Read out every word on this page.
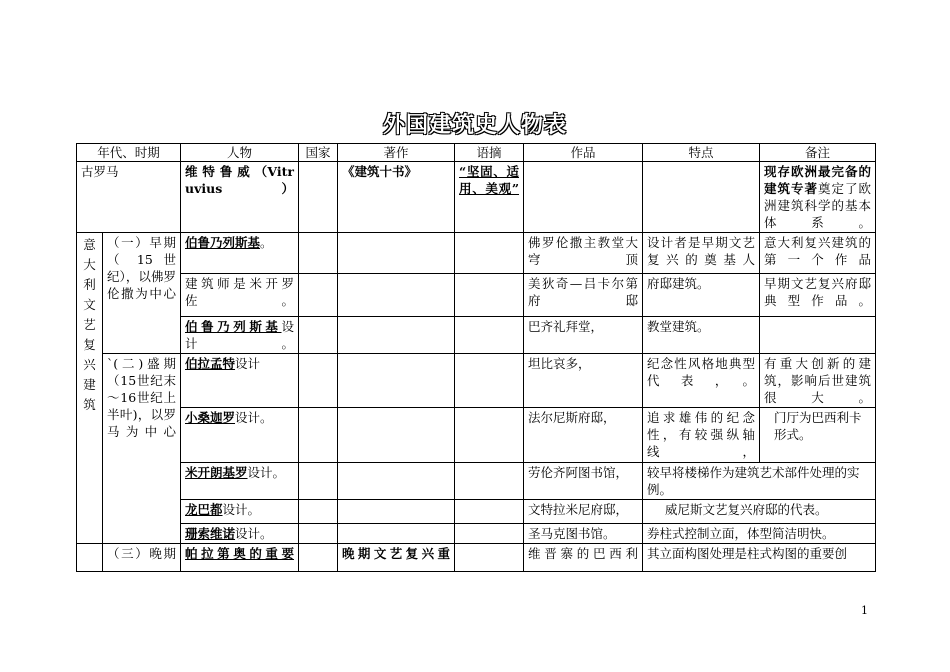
外国建筑史人物表
年代、时期		人物	国家	著作	语摘	作品	特点	备注
古罗马		维 特 鲁 威 （Vitruvius）		《建筑十书》	“坚固、适用、美观”			现存欧洲最完备的建筑专著奠定了欧洲建筑科学的基本体系。
意 大 利 文 艺 复 兴 建 筑	（一）早期（ 15 世纪），以佛罗伦撒为中心	伯鲁乃列斯基。				佛罗伦撒主教堂大穹顶	设计者是早期文艺复兴的奠基人	意大利复兴建筑的第一个作品
		建筑师是米开罗佐。				美狄奇—吕卡尔第府邸	府邸建筑。	早期文艺复兴府邸典型作品。
		伯鲁乃列斯基设计。				巴齐礼拜堂，	教堂建筑。	
	`(二)盛期（15世纪末～16世纪上半叶)，以罗马为中心	伯拉孟特设计				坦比哀多，	纪念性风格地典型代表，。	有重大创新的建筑，影响后世建筑很大。
		小桑迦罗设计。				法尔尼斯府邸，	追求雄伟的纪念性，有较强纵轴线，	门厅为巴西利卡形式。
		米开朗基罗设计。				劳伦齐阿图书馆，	较早将楼梯作为建筑艺术部件处理的实例。	
		龙巴都设计。				文特拉米尼府邸，	威尼斯文艺复兴府邸的代表。	
		珊索维诺设计。				圣马克图书馆。	券柱式控制立面，体型简洁明快。	
	（三）晚期	帕拉第奥的重要		晚期文艺复兴重		维晋寨的巴西利	其立面构图处理是柱式构图的重要创	
1
